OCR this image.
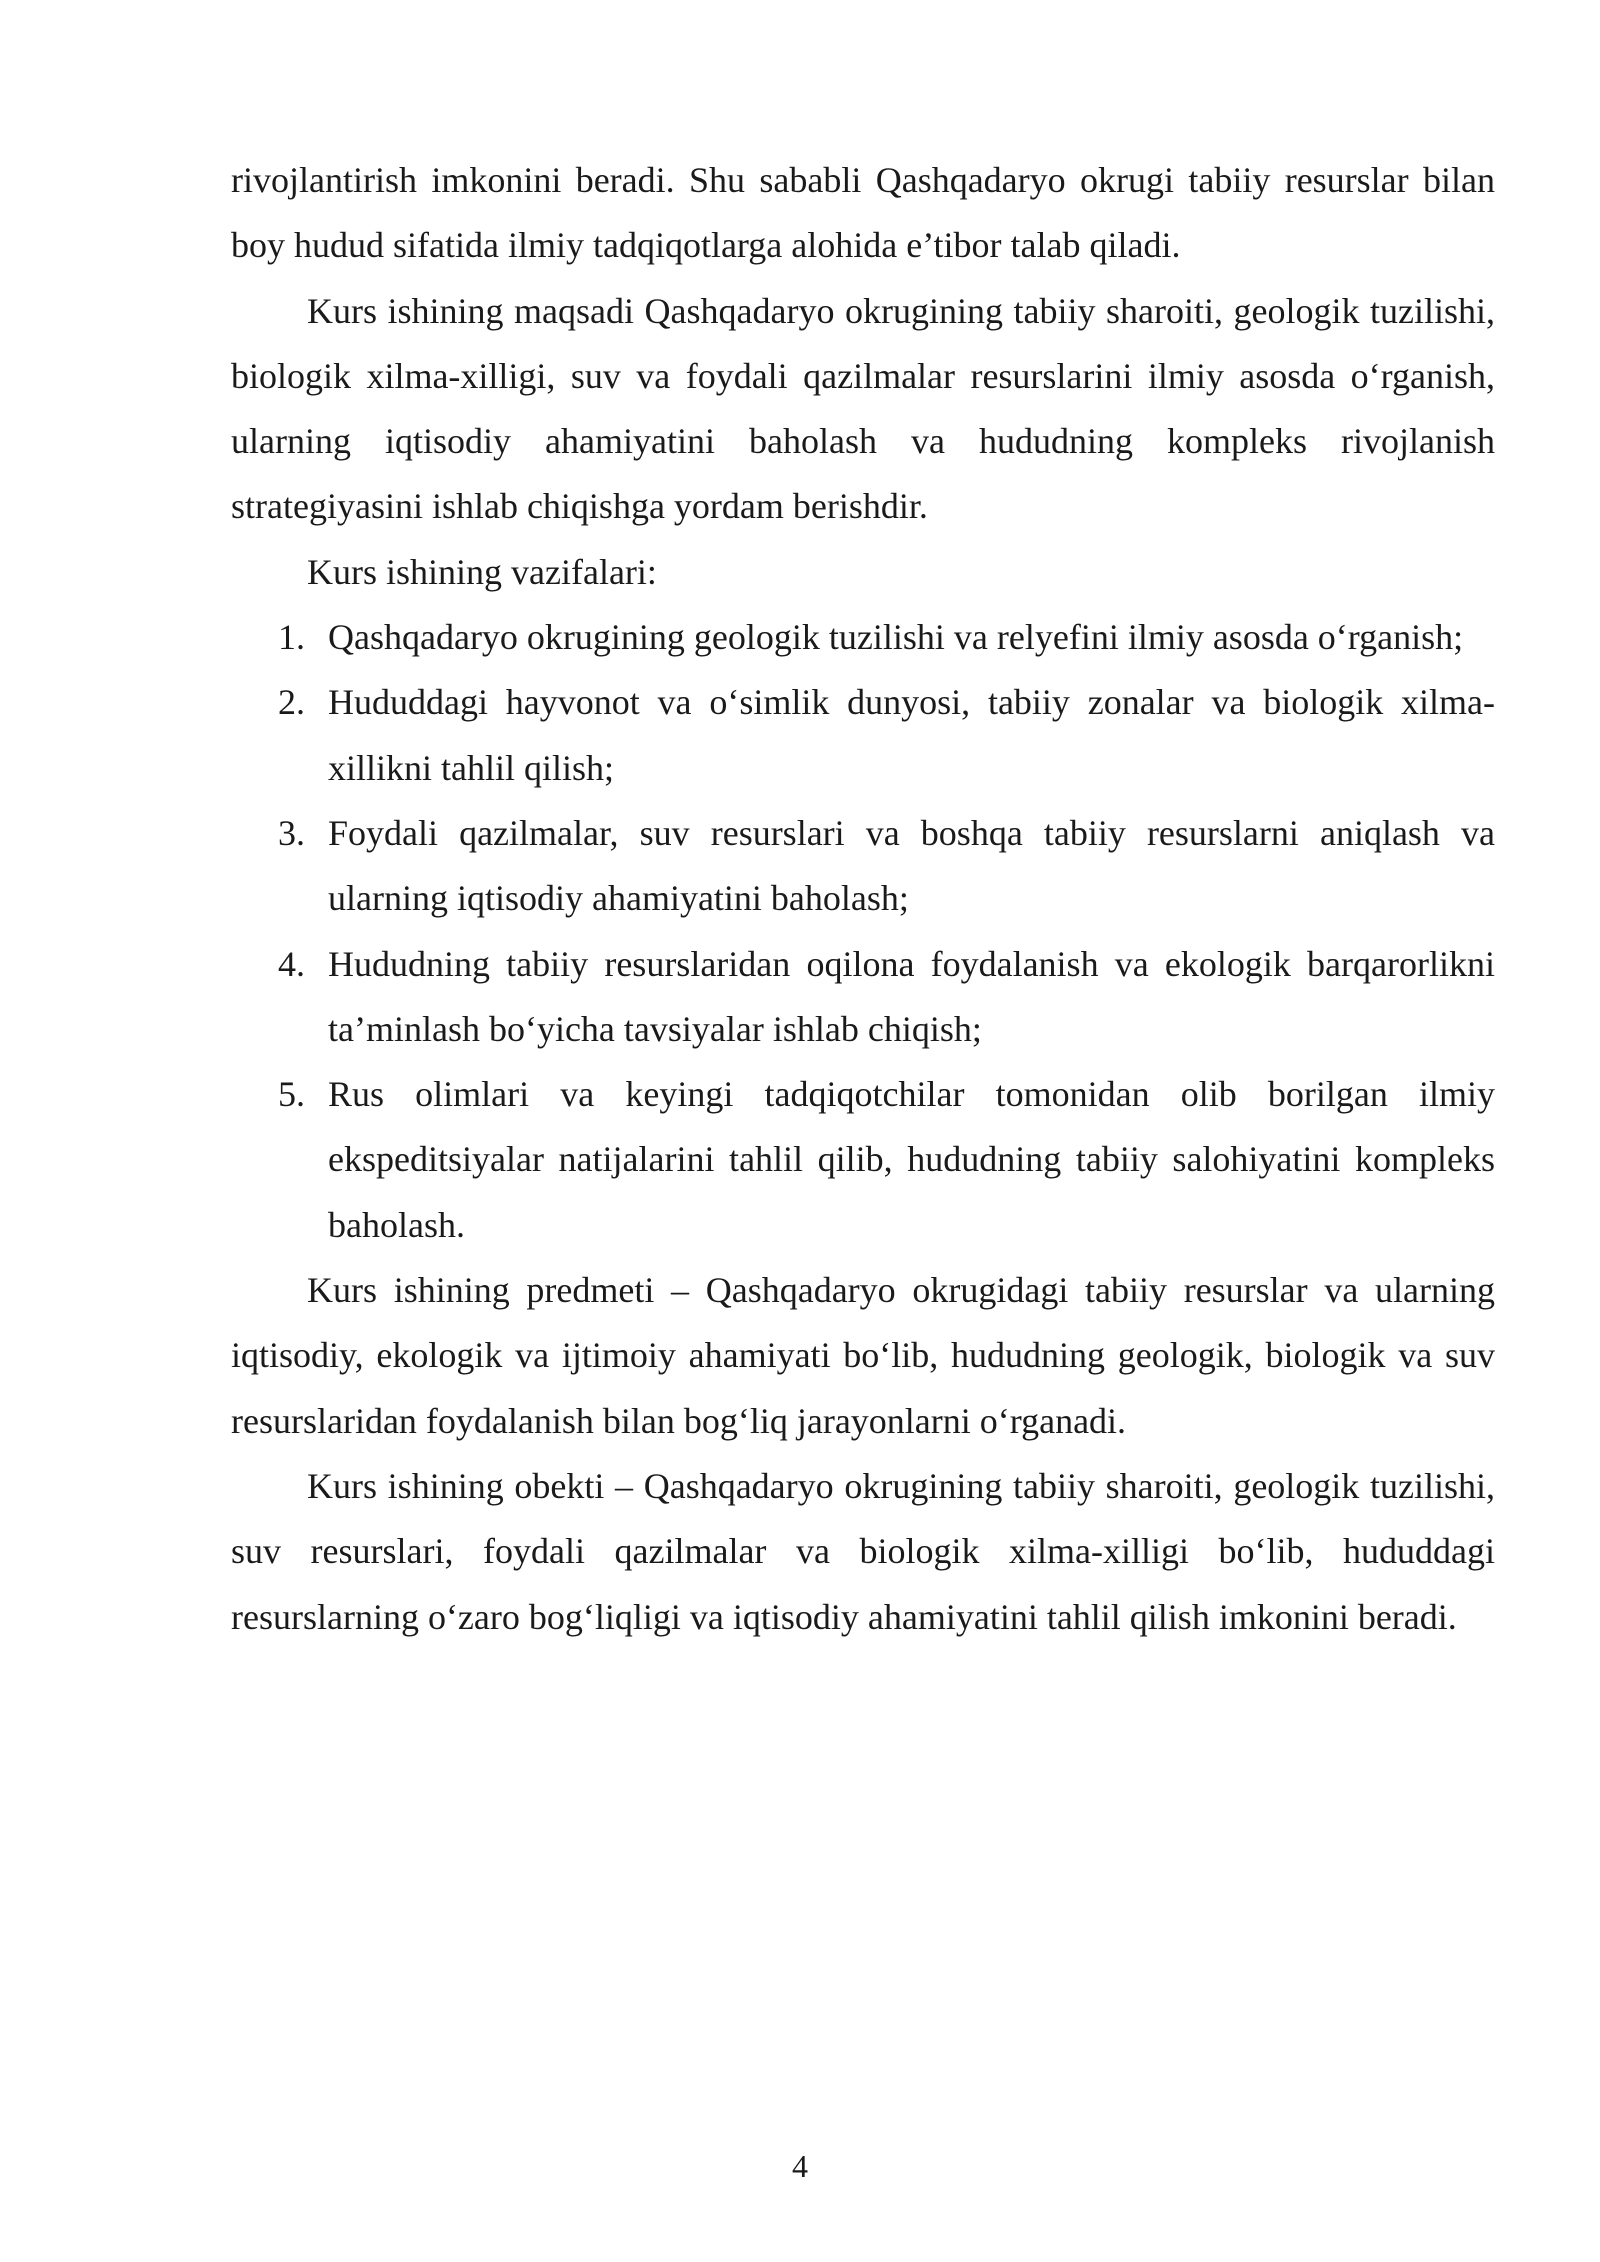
rivojlantirish imkonini beradi. Shu sababli Qashqadaryo okrugi tabiiy resurslar bilan boy hudud sifatida ilmiy tadqiqotlarga alohida e’tibor talab qiladi.

Kurs ishining maqsadi Qashqadaryo okrugining tabiiy sharoiti, geologik tuzilishi, biologik xilma-xilligi, suv va foydali qazilmalar resurslarini ilmiy asosda o‘rganish, ularning iqtisodiy ahamiyatini baholash va hududning kompleks rivojlanish strategiyasini ishlab chiqishga yordam berishdir.

Kurs ishining vazifalari:

1. Qashqadaryo okrugining geologik tuzilishi va relyefini ilmiy asosda o‘rganish;
2. Hududdagi hayvonot va o‘simlik dunyosi, tabiiy zonalar va biologik xilma-xillikni tahlil qilish;
3. Foydali qazilmalar, suv resurslari va boshqa tabiiy resurslarni aniqlash va ularning iqtisodiy ahamiyatini baholash;
4. Hududning tabiiy resurslaridan oqilona foydalanish va ekologik barqarorlikni ta’minlash bo‘yicha tavsiyalar ishlab chiqish;
5. Rus olimlari va keyingi tadqiqotchilar tomonidan olib borilgan ilmiy ekspeditsiyalar natijalarini tahlil qilib, hududning tabiiy salohiyatini kompleks baholash.

Kurs ishining predmeti – Qashqadaryo okrugidagi tabiiy resurslar va ularning iqtisodiy, ekologik va ijtimoiy ahamiyati bo‘lib, hududning geologik, biologik va suv resurslaridan foydalanish bilan bog‘liq jarayonlarni o‘rganadi.

Kurs ishining obekti – Qashqadaryo okrugining tabiiy sharoiti, geologik tuzilishi, suv resurslari, foydali qazilmalar va biologik xilma-xilligi bo‘lib, hududdagi resurslarning o‘zaro bog‘liqligi va iqtisodiy ahamiyatini tahlil qilish imkonini beradi.

4
